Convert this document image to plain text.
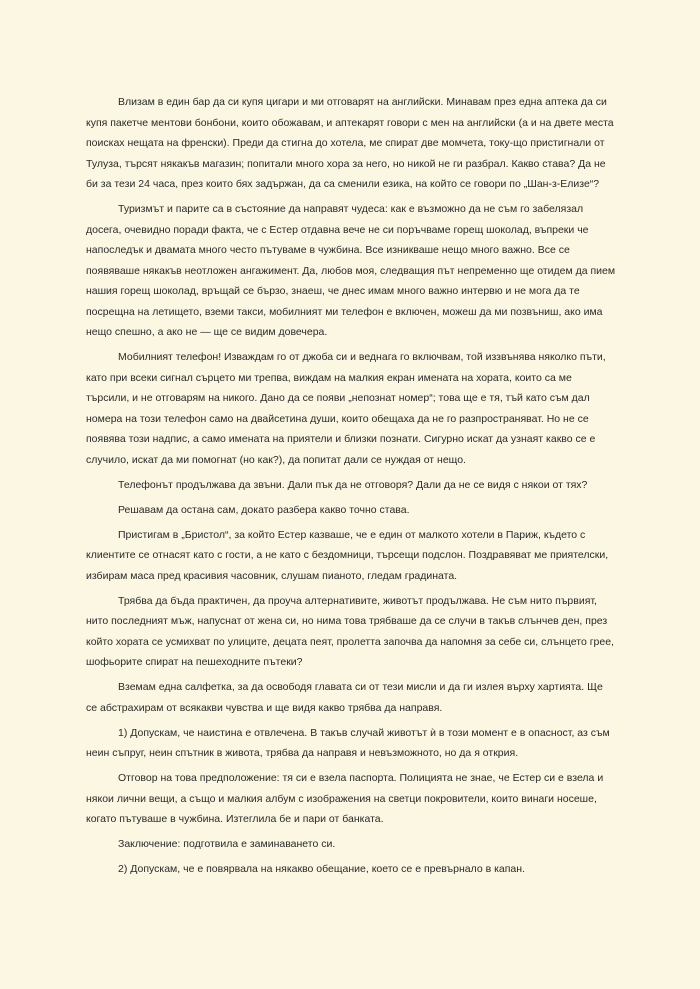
Влизам в един бар да си купя цигари и ми отговарят на английски. Минавам през една аптека да си купя пакетче ментови бонбони, които обожавам, и аптекарят говори с мен на английски (а и на двете места поисках нещата на френски). Преди да стигна до хотела, ме спират две момчета, току-що пристигнали от Тулуза, търсят някакъв магазин; попитали много хора за него, но никой не ги разбрал. Какво става? Да не би за тези 24 часа, през които бях задържан, да са сменили езика, на който се говори по „Шан-з-Елизе“?

Туризмът и парите са в състояние да направят чудеса: как е възможно да не съм го забелязал досега, очевидно поради факта, че с Естер отдавна вече не си поръчваме горещ шоколад, въпреки че напоследък и двамата много често пътуваме в чужбина. Все изникваше нещо много важно. Все се появяваше някакъв неотложен ангажимент. Да, любов моя, следващия път непременно ще отидем да пием нашия горещ шоколад, връщай се бързо, знаеш, че днес имам много важно интервю и не мога да те посрещна на летището, вземи такси, мобилният ми телефон е включен, можеш да ми позвъниш, ако има нещо спешно, а ако не — ще се видим довечера.

Мобилният телефон! Изваждам го от джоба си и веднага го включвам, той иззвънява няколко пъти, като при всеки сигнал сърцето ми трепва, виждам на малкия екран имената на хората, които са ме търсили, и не отговарям на никого. Дано да се появи „непознат номер“; това ще е тя, тъй като съм дал номера на този телефон само на двайсетина души, които обещаха да не го разпространяват. Но не се появява този надпис, а само имената на приятели и близки познати. Сигурно искат да узнаят какво се е случило, искат да ми помогнат (но как?), да попитат дали се нуждая от нещо.

Телефонът продължава да звъни. Дали пък да не отговоря? Дали да не се видя с някои от тях?

Решавам да остана сам, докато разбера какво точно става.

Пристигам в „Бристол“, за който Естер казваше, че е един от малкото хотели в Париж, където с клиентите се отнасят като с гости, а не като с бездомници, търсещи подслон. Поздравяват ме приятелски, избирам маса пред красивия часовник, слушам пианото, гледам градината.

Трябва да бъда практичен, да проуча алтернативите, животът продължава. Не съм нито първият, нито последният мъж, напуснат от жена си, но нима това трябваше да се случи в такъв слънчев ден, през който хората се усмихват по улиците, децата пеят, пролетта започва да напомня за себе си, слънцето грее, шофьорите спират на пешеходните пътеки?

Вземам една салфетка, за да освободя главата си от тези мисли и да ги излея върху хартията. Ще се абстрахирам от всякакви чувства и ще видя какво трябва да направя.

1) Допускам, че наистина е отвлечена. В такъв случай животът ѝ в този момент е в опасност, аз съм неин съпруг, неин спътник в живота, трябва да направя и невъзможното, но да я открия.

Отговор на това предположение: тя си е взела паспорта. Полицията не знае, че Естер си е взела и някои лични вещи, а също и малкия албум с изображения на светци покровители, които винаги носеше, когато пътуваше в чужбина. Изтеглила бе и пари от банката.

Заключение: подготвила е заминаването си.

2) Допускам, че е повярвала на някакво обещание, което се е превърнало в капан.
